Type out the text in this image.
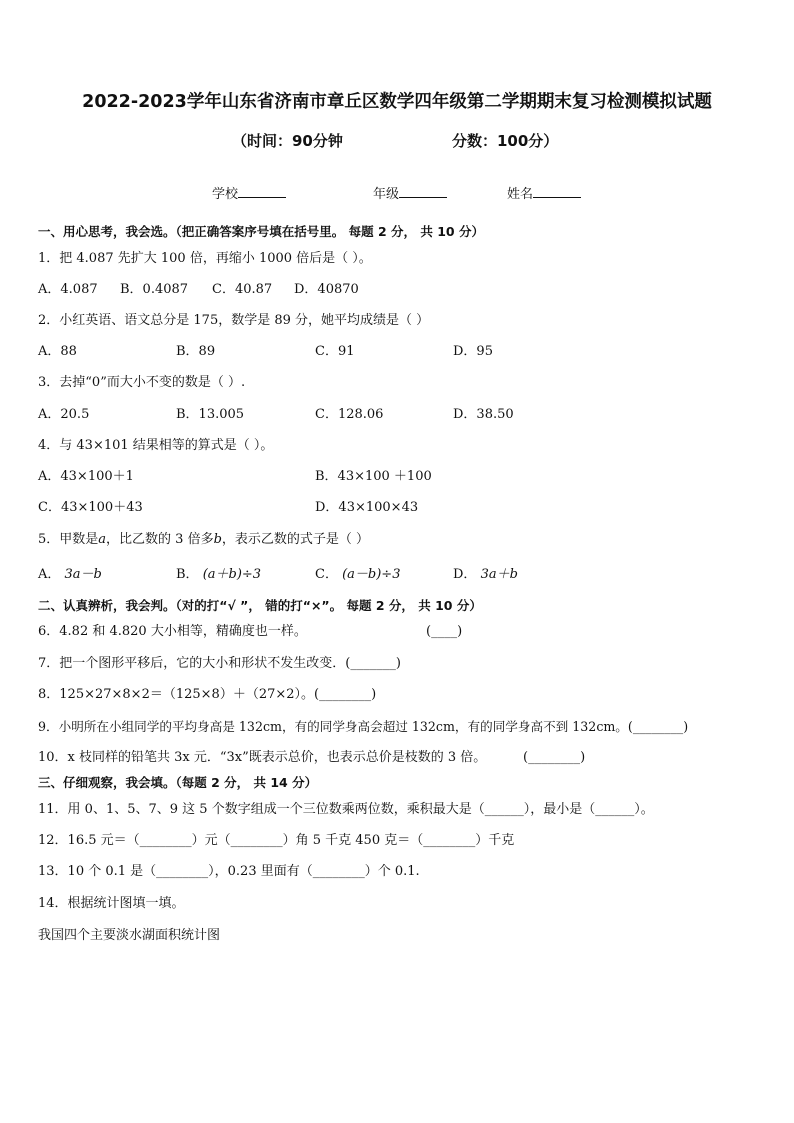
2022-2023学年山东省济南市章丘区数学四年级第二学期期末复习检测模拟试题
（时间：90分钟	分数：100分）
学校	年级	姓名
一、用心思考，我会选。（把正确答案序号填在括号里。 每题 2 分， 共 10 分）
1．把 4.087 先扩大 100 倍，再缩小 1000 倍后是（ ）。
A．4.087 B．0.4087 C．40.87 D．40870
2．小红英语、语文总分是 175，数学是 89 分，她平均成绩是（ ）
A．88	B．89	C．91	D．95
3．去掉“0”而大小不变的数是（ ）.
A．20.5	B．13.005	C．128.06	D．38.50
4．与 43×101 结果相等的算式是（ ）。
A．43×100＋1	B．43×100 ＋100
C．43×100＋43	D．43×100×43
5．甲数是a，比乙数的 3 倍多b，表示乙数的式子是（ ）
A． 3a－b	B． (a＋b)÷3	C． (a－b)÷3	D． 3a＋b
二、认真辨析，我会判。（对的打“√ ”， 错的打“×”。 每题 2 分， 共 10 分）
6．4.82 和 4.820 大小相等，精确度也一样。	(____)
7．把一个图形平移后，它的大小和形状不发生改变．(_______)
8．125×27×8×2＝（125×8）＋（27×2）。(________)
9．小明所在小组同学的平均身高是 132cm，有的同学身高会超过 132cm，有的同学身高不到 132cm。(________)
10．x 枝同样的铅笔共 3x 元．“3x”既表示总价，也表示总价是枝数的 3 倍。	(________)
三、仔细观察，我会填。（每题 2 分， 共 14 分）
11．用 0、1、5、7、9 这 5 个数字组成一个三位数乘两位数，乘积最大是（______），最小是（______）。
12．16.5 元＝（________）元（________）角 5 千克 450 克＝（________）千克
13．10 个 0.1 是（________），0.23 里面有（________）个 0.1.
14．根据统计图填一填。
我国四个主要淡水湖面积统计图
